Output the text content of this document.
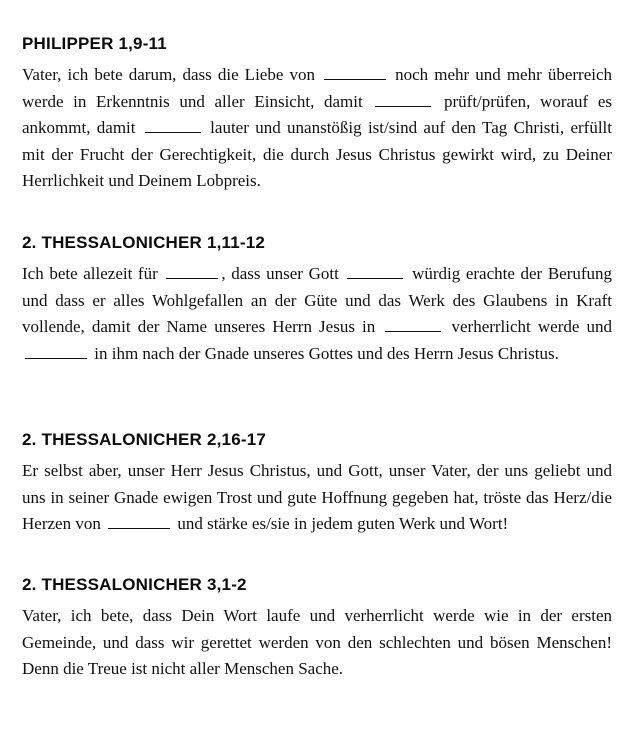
PHILIPPER 1,9-11

Vater, ich bete darum, dass die Liebe von	noch mehr und mehr überreich werde in Erkenntnis und aller Einsicht, damit	prüft/prüfen, worauf es ankommt, damit	lauter und unanstößig ist/sind auf den Tag Christi, erfüllt mit der Frucht der Gerechtigkeit, die durch Jesus Christus gewirkt wird, zu Deiner Herrlichkeit und Deinem Lobpreis.

2. THESSALONICHER 1,11-12

Ich bete allezeit für	, dass unser Gott	würdig erachte der Berufung und dass er alles Wohlgefallen an der Güte und das Werk des Glaubens in Kraft vollende, damit der Name unseres Herrn Jesus in	verherrlicht werde und  in ihm nach der Gnade unseres Gottes und des Herrn Jesus Christus.

2. THESSALONICHER 2,16-17

Er selbst aber, unser Herr Jesus Christus, und Gott, unser Vater, der uns geliebt und uns in seiner Gnade ewigen Trost und gute Hoffnung gegeben hat, tröste das Herz/die Herzen von	und stärke es/sie in jedem guten Werk und Wort!

2. THESSALONICHER 3,1-2

Vater, ich bete, dass Dein Wort laufe und verherrlicht werde wie in der ersten Gemeinde, und dass wir gerettet werden von den schlechten und bösen Menschen! Denn die Treue ist nicht aller Menschen Sache.
